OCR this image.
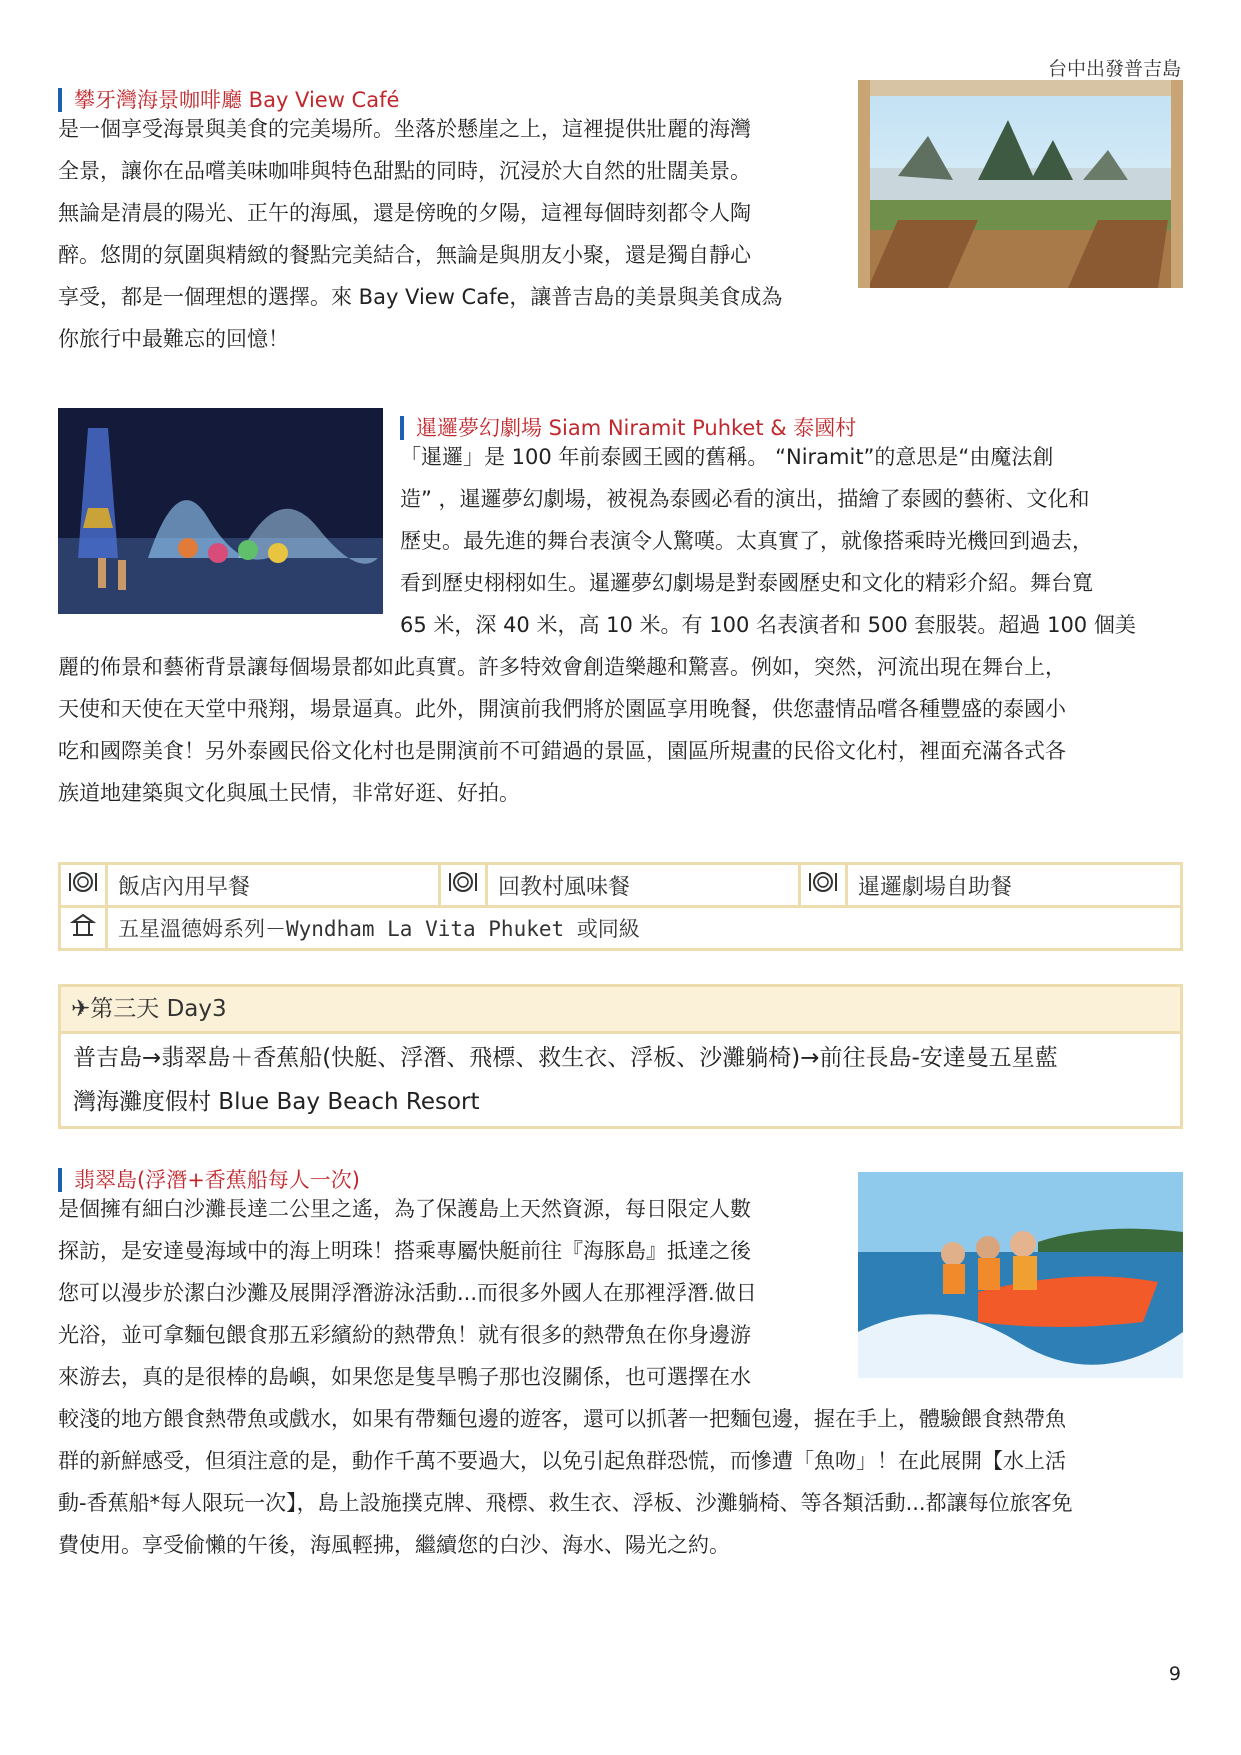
台中出發普吉島
攀牙灣海景咖啡廳 Bay View Café

是一個享受海景與美食的完美場所。坐落於懸崖之上，這裡提供壯麗的海灣

全景，讓你在品嚐美味咖啡與特色甜點的同時，沉浸於大自然的壯闊美景。

無論是清晨的陽光、正午的海風，還是傍晚的夕陽，這裡每個時刻都令人陶

醉。悠閒的氛圍與精緻的餐點完美結合，無論是與朋友小聚，還是獨自靜心

享受，都是一個理想的選擇。來 Bay View Cafe，讓普吉島的美景與美食成為

你旅行中最難忘的回憶！

暹邏夢幻劇場 Siam Niramit Puhket & 泰國村

「暹邏」是 100 年前泰國王國的舊稱。 “Niramit”的意思是“由魔法創

造” ，暹邏夢幻劇場，被視為泰國必看的演出，描繪了泰國的藝術、文化和

歷史。最先進的舞台表演令人驚嘆。太真實了，就像搭乘時光機回到過去，

看到歷史栩栩如生。暹邏夢幻劇場是對泰國歷史和文化的精彩介紹。舞台寬

65 米，深 40 米，高 10 米。有 100 名表演者和 500 套服裝。超過 100 個美

麗的佈景和藝術背景讓每個場景都如此真實。許多特效會創造樂趣和驚喜。例如，突然，河流出現在舞台上，

天使和天使在天堂中飛翔，場景逼真。此外，開演前我們將於園區享用晚餐，供您盡情品嚐各種豐盛的泰國小

吃和國際美食！另外泰國民俗文化村也是開演前不可錯過的景區，園區所規畫的民俗文化村，裡面充滿各式各

族道地建築與文化與風土民情，非常好逛、好拍。

	飯店內用早餐		回教村風味餐		暹邏劇場自助餐
	五星溫德姆系列－Wyndham La Vita Phuket 或同級				
✈第三天 Day3
普吉島→翡翠島＋香蕉船(快艇、浮潛、飛標、救生衣、浮板、沙灘躺椅)→前往長島-安達曼五星藍
灣海灘度假村 Blue Bay Beach Resort
翡翠島(浮潛+香蕉船每人一次)

是個擁有細白沙灘長達二公里之遙，為了保護島上天然資源，每日限定人數

探訪，是安達曼海域中的海上明珠！搭乘專屬快艇前往『海豚島』抵達之後

您可以漫步於潔白沙灘及展開浮潛游泳活動...而很多外國人在那裡浮潛.做日

光浴，並可拿麵包餵食那五彩繽紛的熱帶魚！就有很多的熱帶魚在你身邊游

來游去，真的是很棒的島嶼，如果您是隻旱鴨子那也沒關係，也可選擇在水

較淺的地方餵食熱帶魚或戲水，如果有帶麵包邊的遊客，還可以抓著一把麵包邊，握在手上，體驗餵食熱帶魚

群的新鮮感受，但須注意的是，動作千萬不要過大，以免引起魚群恐慌，而慘遭「魚吻」！在此展開【水上活

動-香蕉船*每人限玩一次】，島上設施撲克牌、飛標、救生衣、浮板、沙灘躺椅、等各類活動...都讓每位旅客免

費使用。享受偷懶的午後，海風輕拂，繼續您的白沙、海水、陽光之約。

9
